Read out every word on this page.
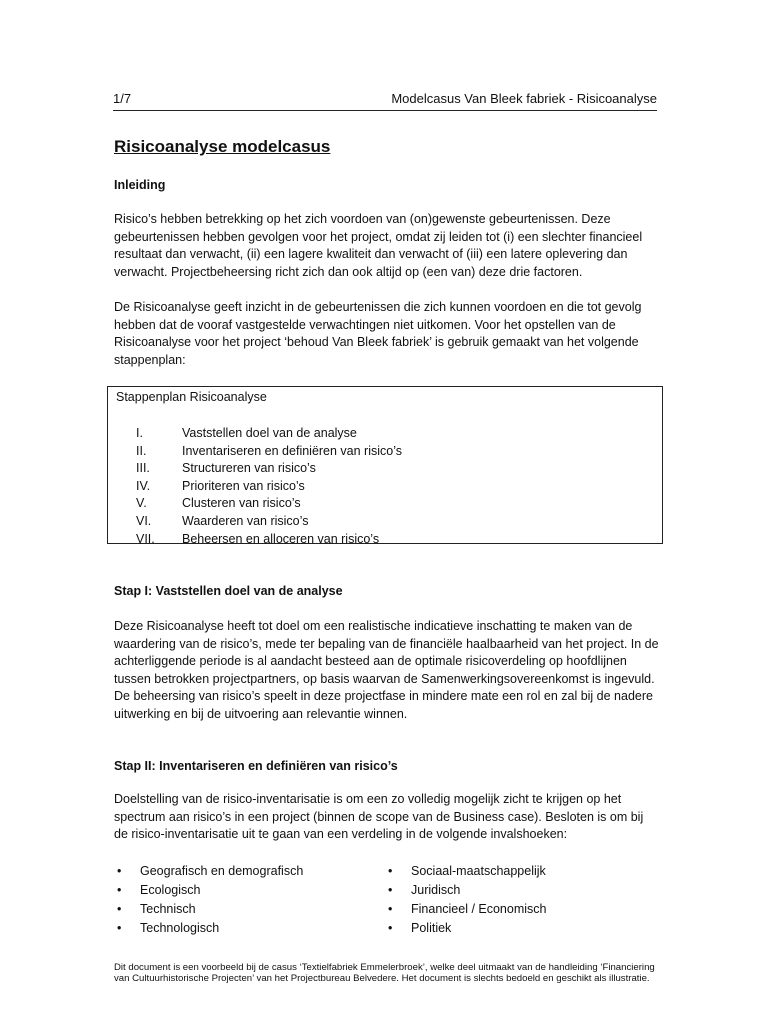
1/7	Modelcasus Van Bleek fabriek - Risicoanalyse
Risicoanalyse modelcasus
Inleiding

Risico’s hebben betrekking op het zich voordoen van (on)gewenste gebeurtenissen. Deze gebeurtenissen hebben gevolgen voor het project, omdat zij leiden tot (i) een slechter financieel resultaat dan verwacht, (ii) een lagere kwaliteit dan verwacht of (iii) een latere oplevering dan verwacht. Projectbeheersing richt zich dan ook altijd op (een van) deze drie factoren.

De Risicoanalyse geeft inzicht in de gebeurtenissen die zich kunnen voordoen en die tot gevolg hebben dat de vooraf vastgestelde verwachtingen niet uitkomen. Voor het opstellen van de Risicoanalyse voor het project ‘behoud Van Bleek fabriek’ is gebruik gemaakt van het volgende stappenplan:

Stappenplan Risicoanalyse
I.	Vaststellen doel van de analyse
II.	Inventariseren en definiëren van risico’s
III.	Structureren van risico’s
IV.	Prioriteren van risico’s
V.	Clusteren van risico’s
VI. Waarderen van risico’s
VII. Beheersen en alloceren van risico’s
Stap I: Vaststellen doel van de analyse

Deze Risicoanalyse heeft tot doel om een realistische indicatieve inschatting te maken van de waardering van de risico’s, mede ter bepaling van de financiële haalbaarheid van het project. In de achterliggende periode is al aandacht besteed aan de optimale risicoverdeling op hoofdlijnen tussen betrokken projectpartners, op basis waarvan de Samenwerkingsovereenkomst is ingevuld. De beheersing van risico’s speelt in deze projectfase in mindere mate een rol en zal bij de nadere uitwerking en bij de uitvoering aan relevantie winnen.

Stap II: Inventariseren en definiëren van risico’s

Doelstelling van de risico-inventarisatie is om een zo volledig mogelijk zicht te krijgen op het spectrum aan risico’s in een project (binnen de scope van de Business case). Besloten is om bij de risico-inventarisatie uit te gaan van een verdeling in de volgende invalshoeken:

• Geografisch en demografisch
• Ecologisch
• Technisch
• Technologisch
• Sociaal-maatschappelijk
• Juridisch
• Financieel / Economisch
• Politiek

Dit document is een voorbeeld bij de casus ‘Textielfabriek Emmelerbroek’, welke deel uitmaakt van de handleiding ‘Financiering van Cultuurhistorische Projecten’ van het Projectbureau Belvedere. Het document is slechts bedoeld en geschikt als illustratie.
